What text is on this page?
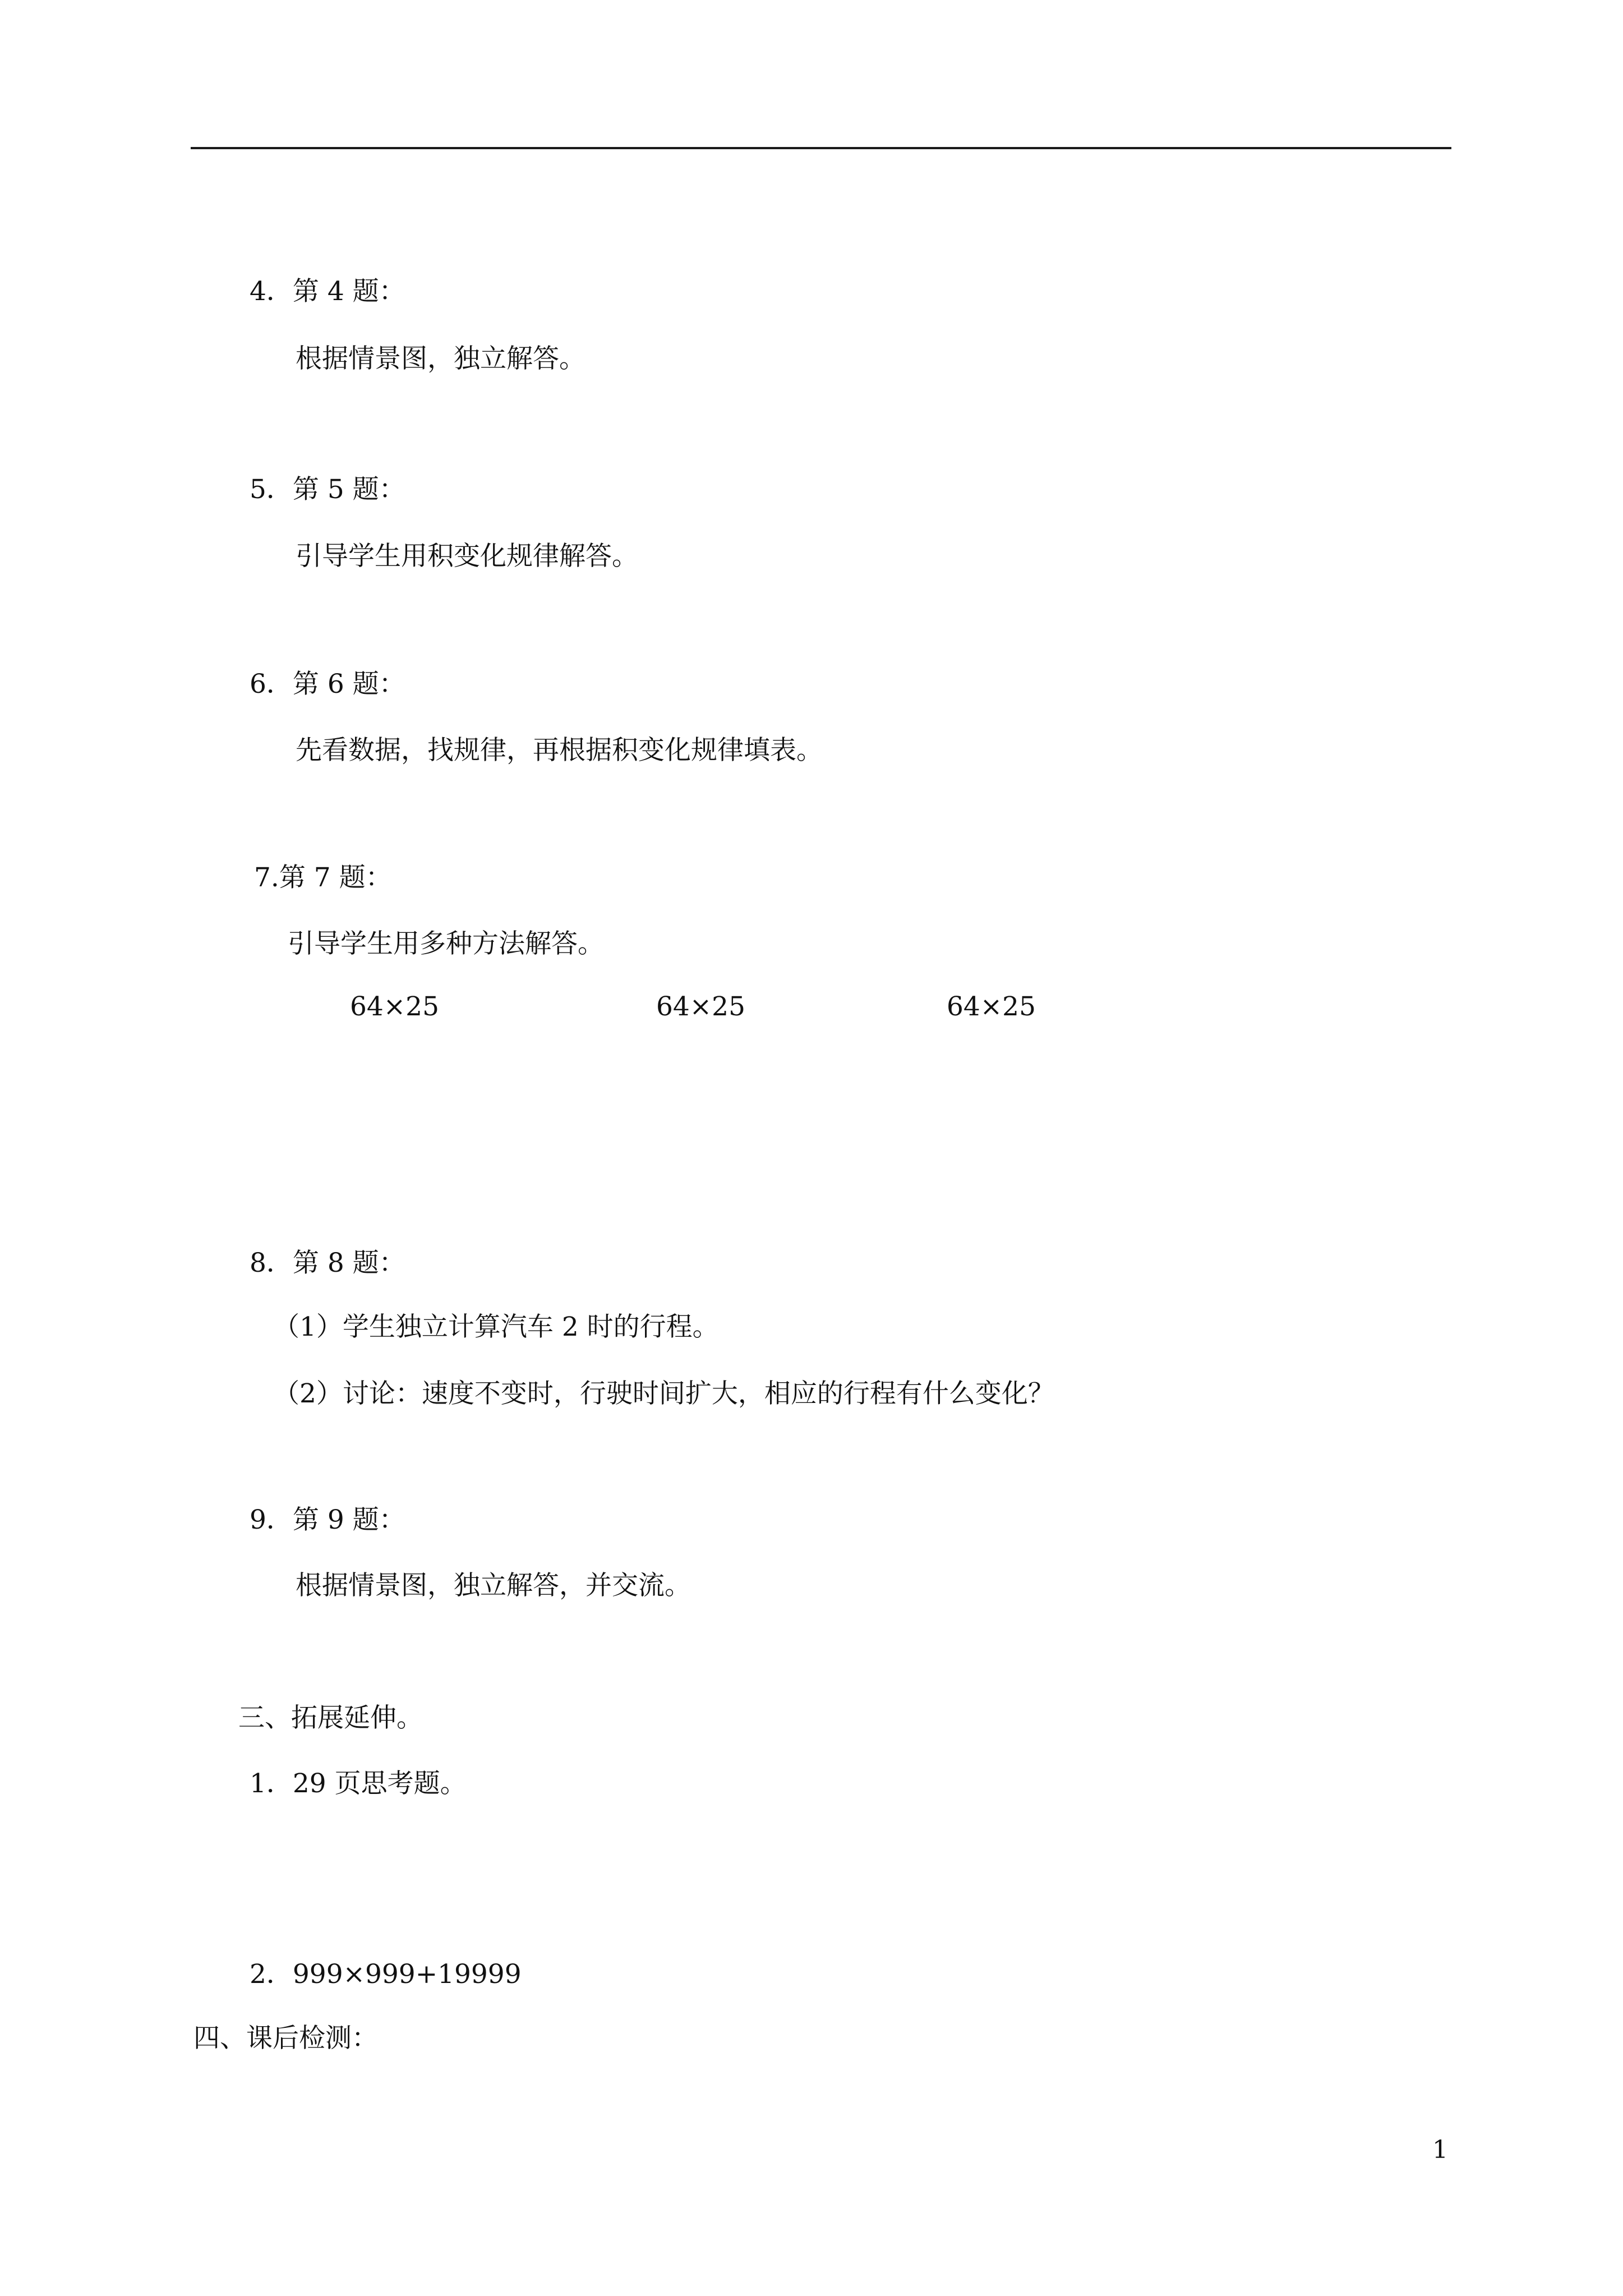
4．第 4 题：
根据情景图，独立解答。
5．第 5 题：
引导学生用积变化规律解答。
6．第 6 题：
先看数据，找规律，再根据积变化规律填表。
7.第 7 题：
引导学生用多种方法解答。
64×25	64×25	64×25
8．第 8 题：
（1）学生独立计算汽车 2 时的行程。
（2）讨论：速度不变时，行驶时间扩大，相应的行程有什么变化？
9．第 9 题：
根据情景图，独立解答，并交流。
三、拓展延伸。
1．29 页思考题。
2．999×999+19999
四、课后检测：
1
